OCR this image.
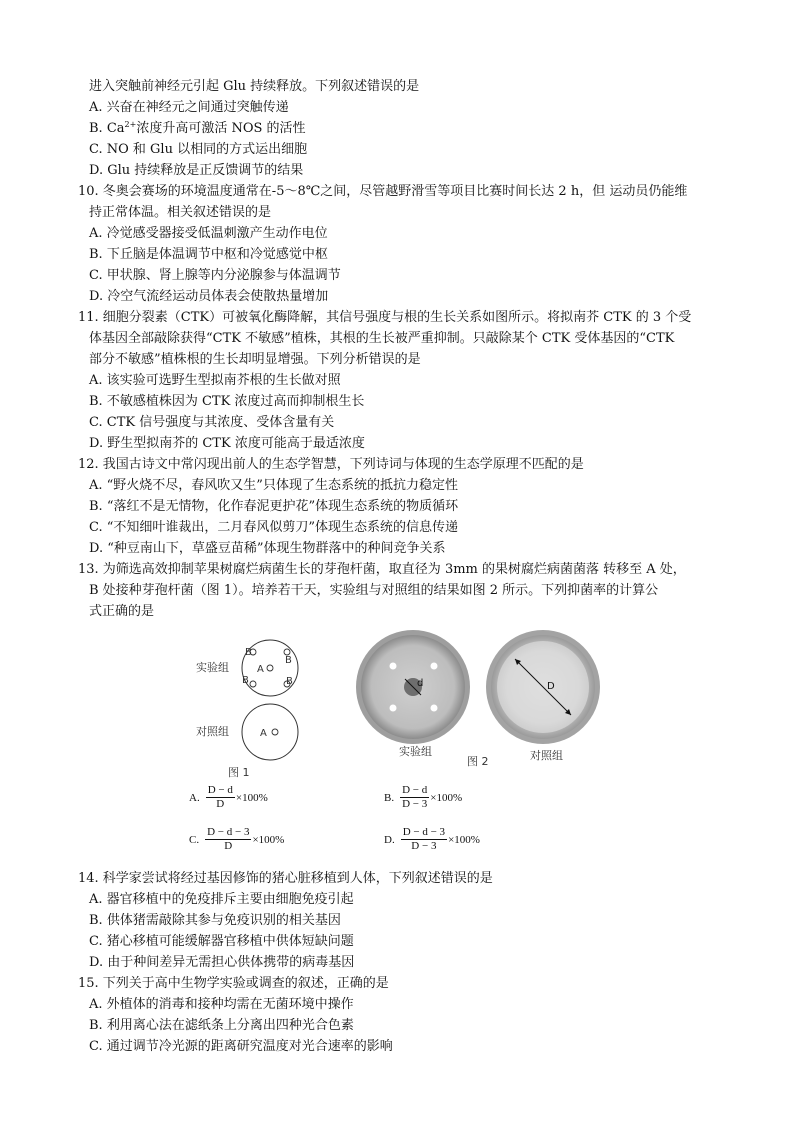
进入突触前神经元引起 Glu 持续释放。下列叙述错误的是
A. 兴奋在神经元之间通过突触传递
B. $Ca^{2+}$浓度升高可激活 NOS 的活性
C. NO 和 Glu 以相同的方式运出细胞
D. Glu 持续释放是正反馈调节的结果
10. 冬奥会赛场的环境温度通常在-5～8℃之间，尽管越野滑雪等项目比赛时间长达 2 h，但 运动员仍能维
持正常体温。相关叙述错误的是
A. 冷觉感受器接受低温刺激产生动作电位
B. 下丘脑是体温调节中枢和冷觉感觉中枢
C. 甲状腺、肾上腺等内分泌腺参与体温调节
D. 冷空气流经运动员体表会使散热量增加
11. 细胞分裂素（CTK）可被氧化酶降解，其信号强度与根的生长关系如图所示。将拟南芥 CTK 的 3 个受
体基因全部敲除获得“CTK 不敏感”植株，其根的生长被严重抑制。只敲除某个 CTK 受体基因的“CTK
部分不敏感”植株根的生长却明显增强。下列分析错误的是
A. 该实验可选野生型拟南芥根的生长做对照
B. 不敏感植株因为 CTK 浓度过高而抑制根生长
C. CTK 信号强度与其浓度、受体含量有关
D. 野生型拟南芥的 CTK 浓度可能高于最适浓度
12. 我国古诗文中常闪现出前人的生态学智慧，下列诗词与体现的生态学原理不匹配的是
A. “野火烧不尽，春风吹又生”只体现了生态系统的抵抗力稳定性
B. “落红不是无情物，化作春泥更护花”体现生态系统的物质循环
C. “不知细叶谁裁出，二月春风似剪刀”体现生态系统的信息传递
D. “种豆南山下，草盛豆苗稀”体现生物群落中的种间竞争关系
13. 为筛选高效抑制苹果树腐烂病菌生长的芽孢杆菌，取直径为 3mm 的果树腐烂病菌菌落 转移至 A 处，
B 处接种芽孢杆菌（图 1）。培养若干天，实验组与对照组的结果如图 2 所示。下列抑菌率的计算公
式正确的是
实验组	A
B
B
B	B
对照组	A
图 1
d	D
实验组
图 2	对照组
A. $\frac{D - d}{D} \times 100\%$	B. $\frac{D - d}{D - 3} \times 100\%$
C. $\frac{D - d - 3}{D} \times 100\%$	D. $\frac{D - d - 3}{D - 3} \times 100\%$
14. 科学家尝试将经过基因修饰的猪心脏移植到人体，下列叙述错误的是
A. 器官移植中的免疫排斥主要由细胞免疫引起
B. 供体猪需敲除其参与免疫识别的相关基因
C. 猪心移植可能缓解器官移植中供体短缺问题
D. 由于种间差异无需担心供体携带的病毒基因
15. 下列关于高中生物学实验或调查的叙述，正确的是
A. 外植体的消毒和接种均需在无菌环境中操作
B. 利用离心法在滤纸条上分离出四种光合色素
C. 通过调节冷光源的距离研究温度对光合速率的影响
